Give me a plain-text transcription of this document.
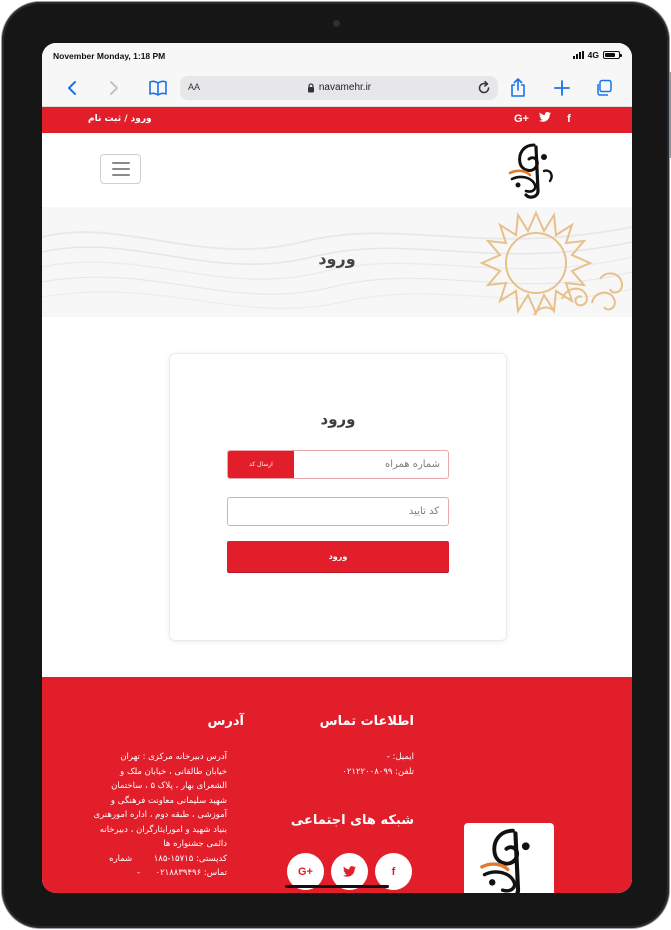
November Monday, 1:18 PM	4G
AA	navamehr.ir
ورود / ثبت نام	G+	f
ورود
ورود
ارسال کد
شماره همراه
کد تایید
ورود
آدرس
آدرس دبیرخانه مرکزی : تهران
خیابان طالقانی ، خیابان ملک و
الشعرای بهار ، پلاک ۵ ، ساختمان
شهید سلیمانی معاونت فرهنگی و
آموزشی ، طبقه دوم ، اداره امورهنری
بنیاد شهید و امورایثارگران ، دبیرخانه
دائمی جشنواره ها
کدپستی: ۱۵۷۱۵-۱۸۵  شماره
تماس: ۰۲۱۸۸۳۹۴۹۶  -
اطلاعات تماس
ایمیل: -
تلفن: ۰۲۱۲۲۰۰۸۰۹۹
شبکه های اجتماعی
G+	f
